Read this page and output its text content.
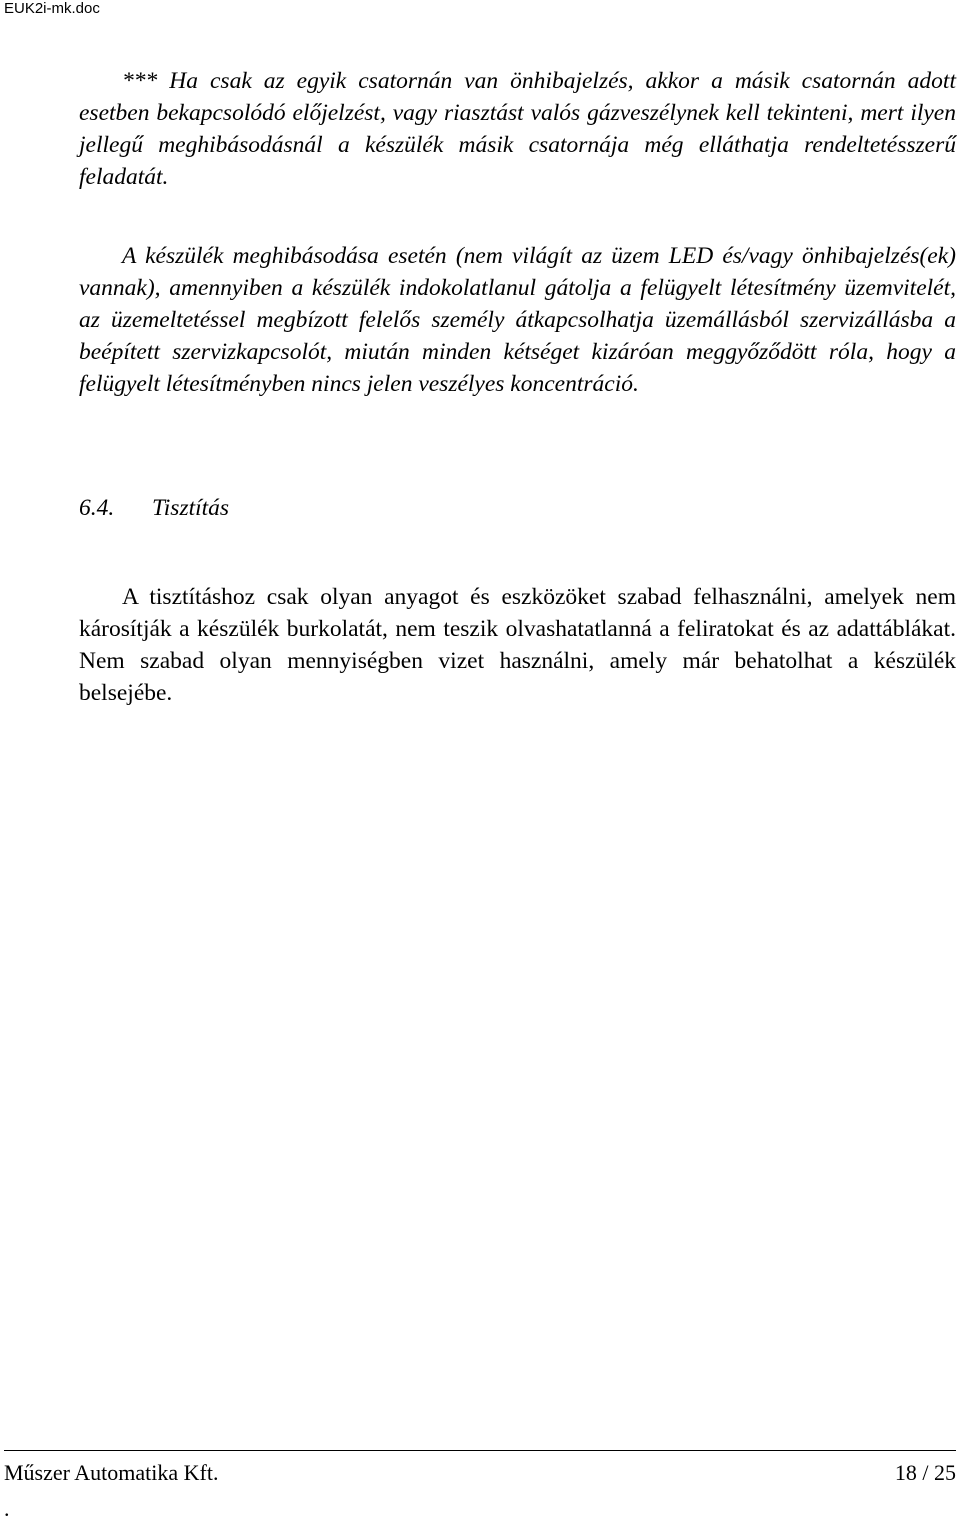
EUK2i-mk.doc

*** Ha csak az egyik csatornán van önhibajelzés, akkor a másik csatornán adott esetben bekapcsolódó előjelzést, vagy riasztást valós gázveszélynek kell tekinteni, mert ilyen jellegű meghibásodásnál a készülék másik csatornája még elláthatja rendeltetésszerű feladatát.

A készülék meghibásodása esetén (nem világít az üzem LED és/vagy önhibajelzés(ek) vannak), amennyiben a készülék indokolatlanul gátolja a felügyelt létesítmény üzemvitelét, az üzemeltetéssel megbízott felelős személy átkapcsolhatja üzemállásból szervizállásba a beépített szervizkapcsolót, miután minden kétséget kizáróan meggyőződött róla, hogy a felügyelt létesítményben nincs jelen veszélyes koncentráció.

6.4. Tisztítás

A tisztításhoz csak olyan anyagot és eszközöket szabad felhasználni, amelyek nem károsítják a készülék burkolatát, nem teszik olvashatatlanná a feliratokat és az adattáblákat. Nem szabad olyan mennyiségben vizet használni, amely már behatolhat a készülék belsejébe.

Műszer Automatika Kft.	18 / 25
.
